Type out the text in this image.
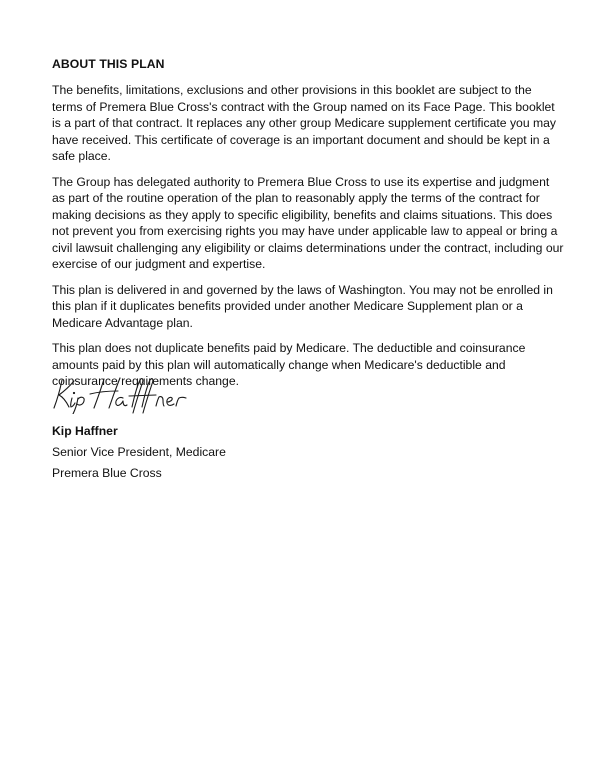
ABOUT THIS PLAN
The benefits, limitations, exclusions and other provisions in this booklet are subject to the
terms of Premera Blue Cross's contract with the Group named on its Face Page. This booklet
is a part of that contract. It replaces any other group Medicare supplement certificate you may
have received. This certificate of coverage is an important document and should be kept in a
safe place.
The Group has delegated authority to Premera Blue Cross to use its expertise and judgment
as part of the routine operation of the plan to reasonably apply the terms of the contract for
making decisions as they apply to specific eligibility, benefits and claims situations. This does
not prevent you from exercising rights you may have under applicable law to appeal or bring a
civil lawsuit challenging any eligibility or claims determinations under the contract, including our
exercise of our judgment and expertise.
This plan is delivered in and governed by the laws of Washington. You may not be enrolled in
this plan if it duplicates benefits provided under another Medicare Supplement plan or a
Medicare Advantage plan.
This plan does not duplicate benefits paid by Medicare. The deductible and coinsurance
amounts paid by this plan will automatically change when Medicare's deductible and
coinsurance requirements change.
Kip Haffner
Senior Vice President, Medicare
Premera Blue Cross
